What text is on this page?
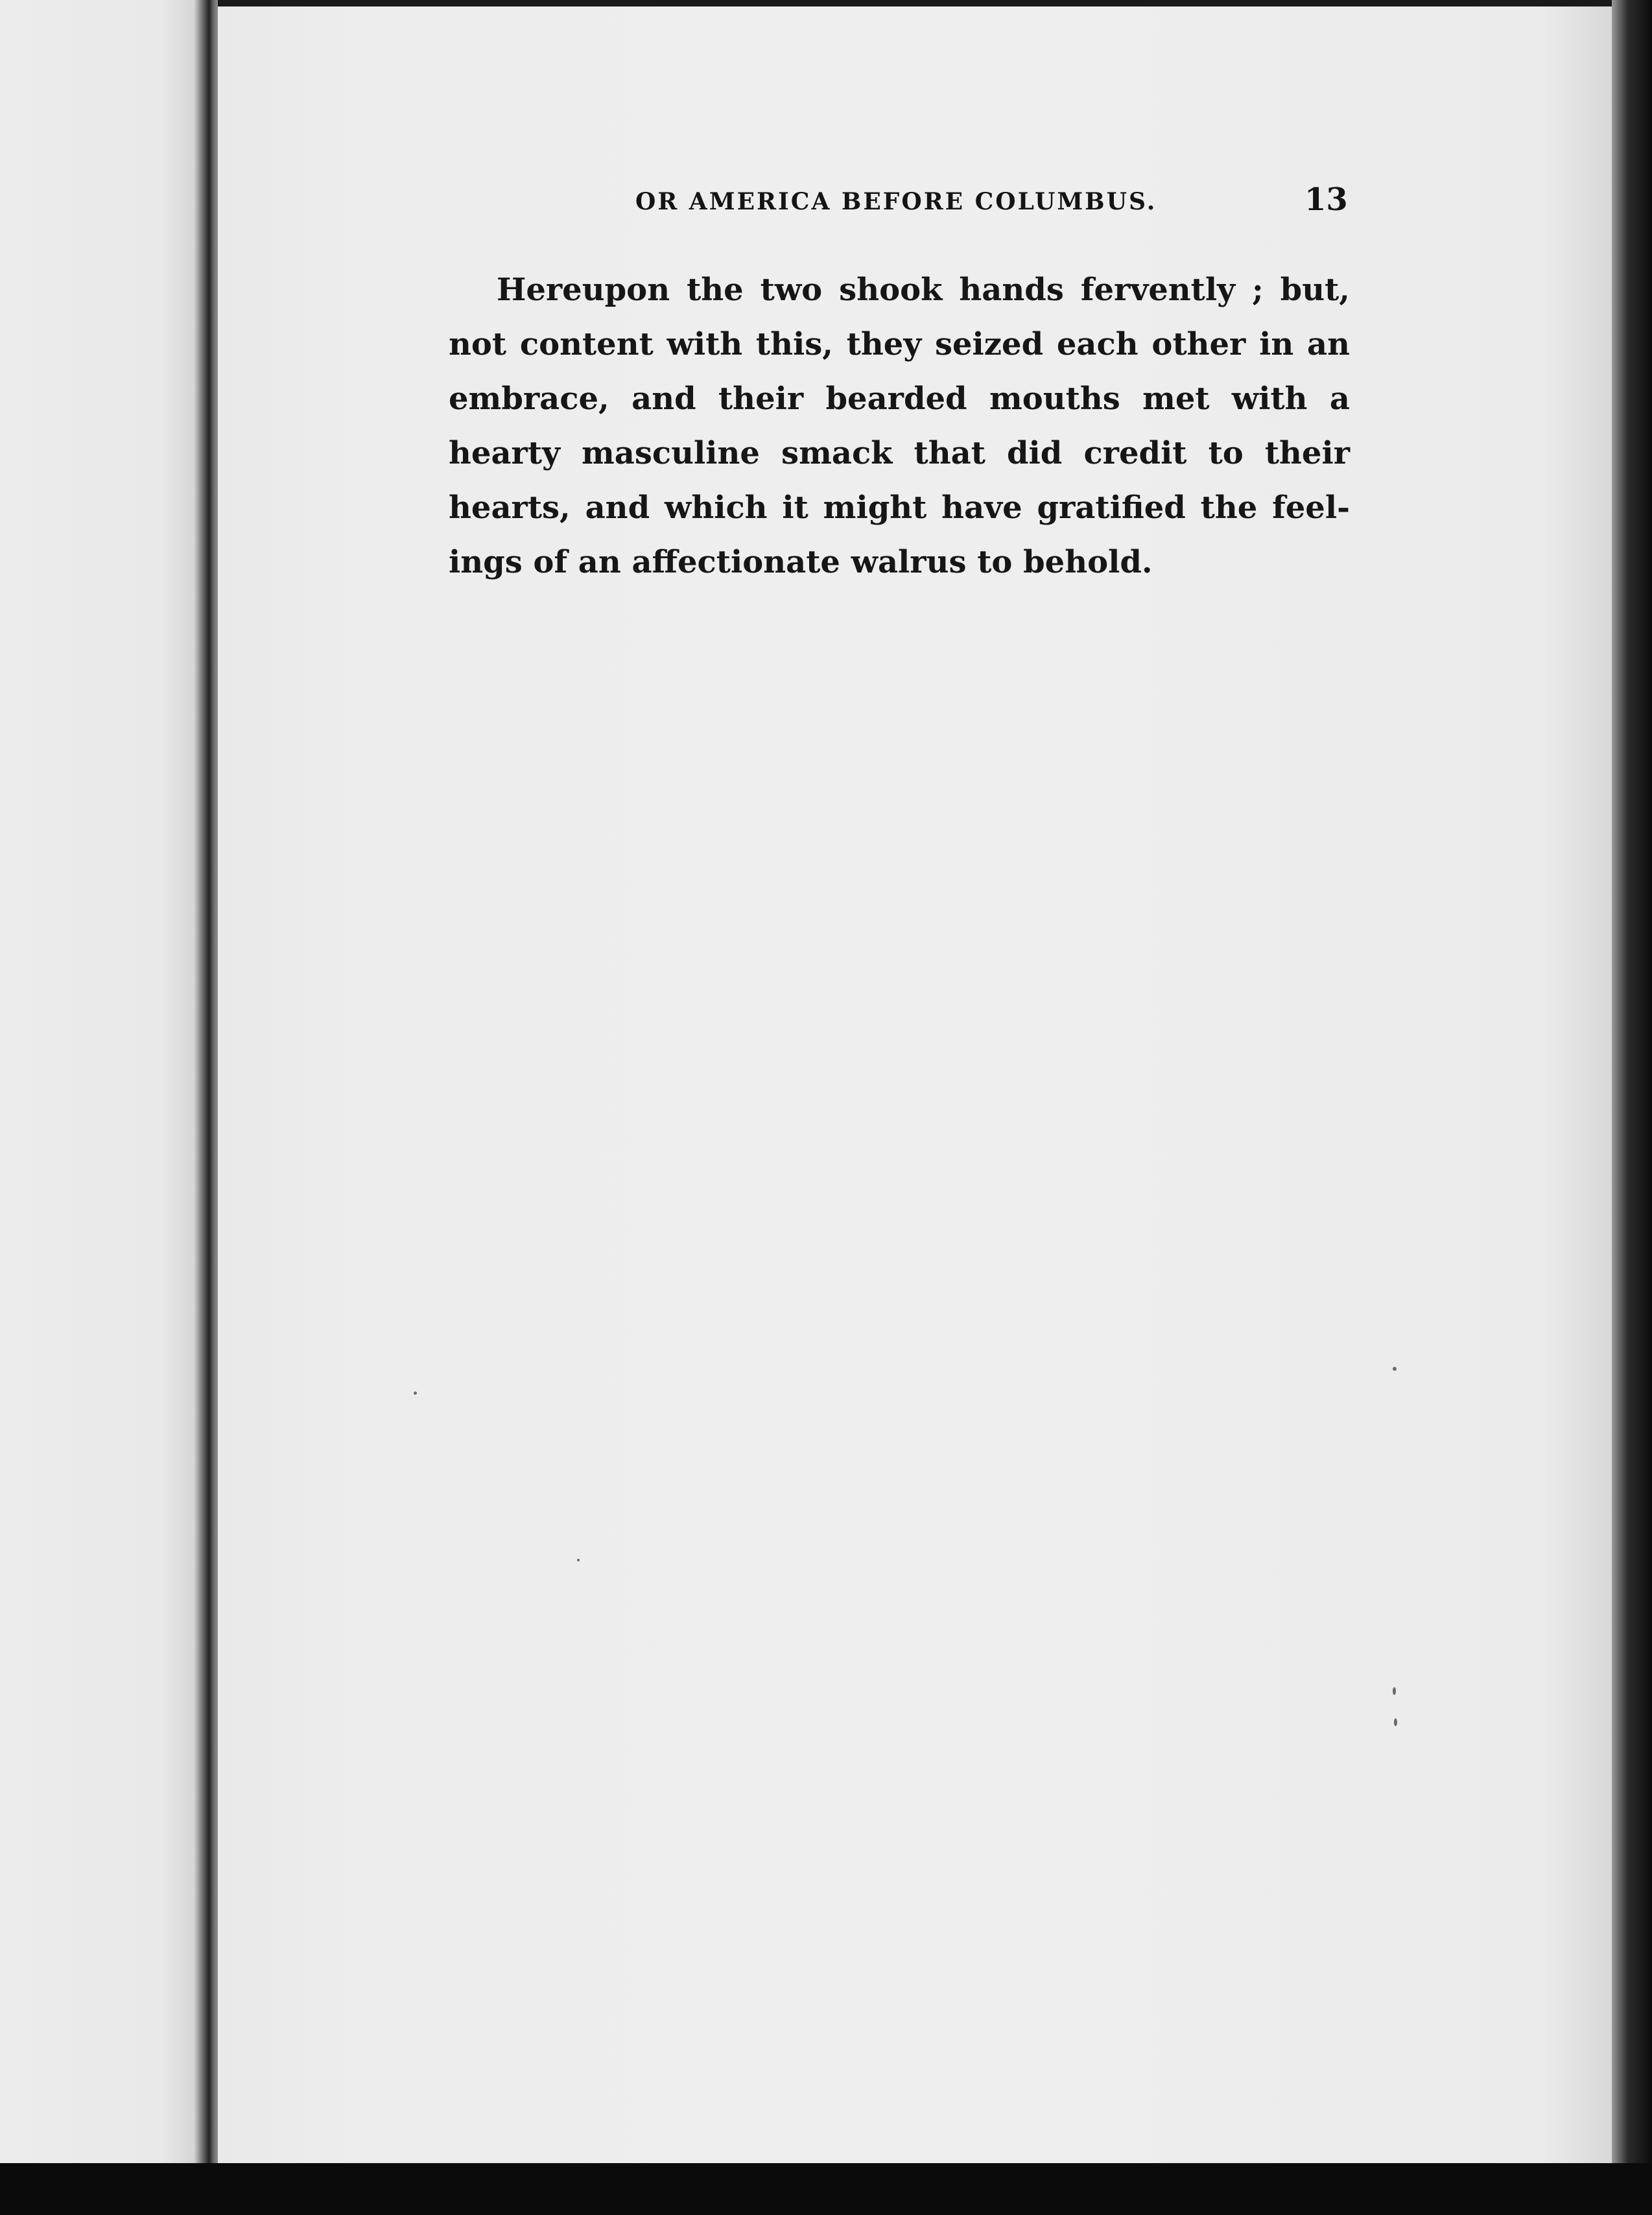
OR AMERICA BEFORE COLUMBUS.	13
Hereupon the two shook hands fervently ; but,
not content with this, they seized each other in an
embrace, and their bearded mouths met with a
hearty masculine smack that did credit to their
hearts, and which it might have gratified the feel-
ings of an affectionate walrus to behold.
